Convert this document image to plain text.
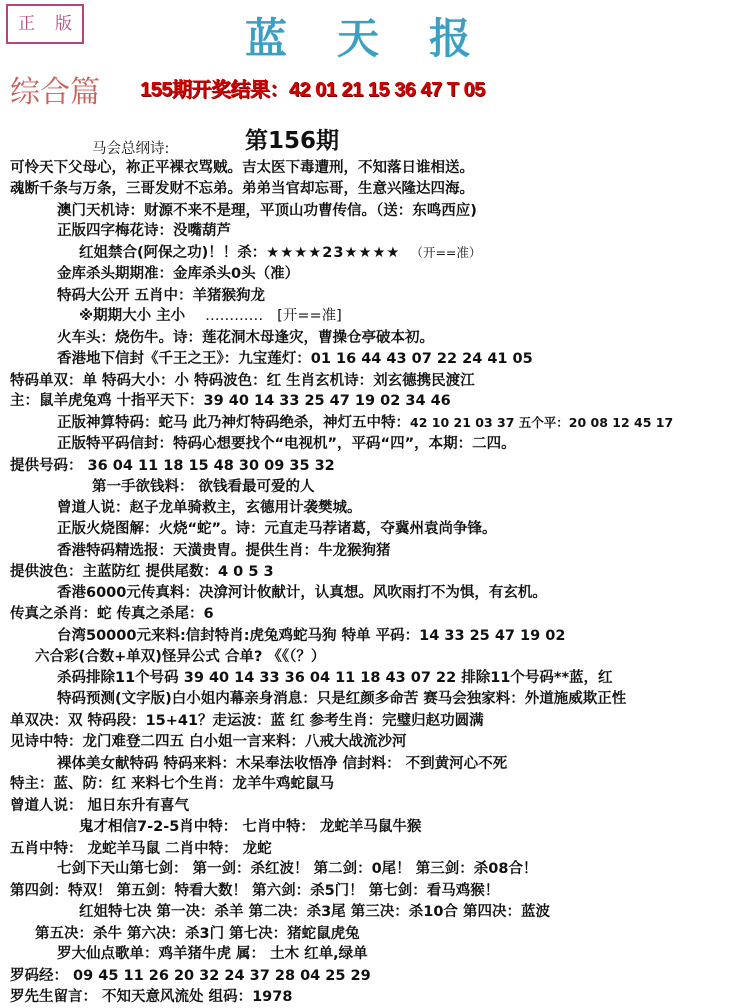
正 版	蓝天报
综合篇 155期开奖结果：42 01 21 15 36 47 T 05
马会总纲诗:	第156期
可怜天下父母心，祢正平裸衣骂贼。吉太医下毒遭刑，不知落日谁相送。
魂断千条与万条，三哥发财不忘弟。弟弟当官却忘哥，生意兴隆达四海。
澳门天机诗：财源不来不是理，平顶山功曹传信。（送：东鸣西应)
正版四字梅花诗：没嘴葫芦
红姐禁合(阿保之功)！！杀：★★★★23★★★★ （开==准）
金库杀头期期准：金库杀头0头（准）
特码大公开 五肖中：羊猪猴狗龙
※期期大小 主小 ………… [开==准]
火车头：烧伤牛。诗：莲花洞木母逢灾，曹操仓亭破本初。
香港地下信封《千王之王》：九宝莲灯：01 16 44 43 07 22 24 41 05
特码单双：单 特码大小：小 特码波色：红 生肖玄机诗：刘玄德携民渡江
主：鼠羊虎兔鸡 十指平天下：39 40 14 33 25 47 19 02 34 46
正版神算特码：蛇马 此乃神灯特码绝杀，神灯五中特：42 10 21 03 37 五个平：20 08 12 45 17
正版特平码信封：特码心想要找个“电视机”，平码“四”，本期：二四。
提供号码： 36 04 11 18 15 48 30 09 35 32
第一手欲钱料： 欲钱看最可爱的人
曾道人说：赵子龙单骑救主，玄德用计袭樊城。
正版火烧图解：火烧“蛇”。诗：元直走马荐诸葛，夺冀州袁尚争锋。
香港特码精选报：天潢贵胄。提供生肖：牛龙猴狗猪
提供波色：主蓝防红 提供尾数：4 0 5 3
香港6000元传真料：决渰河计攸献计，认真想。风吹雨打不为惧，有玄机。
传真之杀肖：蛇 传真之杀尾：6
台湾50000元来料:信封特肖:虎兔鸡蛇马狗 特单 平码：14 33 25 47 19 02
六合彩(合数+单双)怪异公式 合单? 《《（？）
杀码排除11个号码 39 40 14 33 36 04 11 18 43 07 22 排除11个号码**蓝，红
特码预测(文字版)白小姐内幕亲身消息：只是红颜多命苦 赛马会独家料：外道施威欺正性
单双决：双 特码段：15+41？走运波：蓝 红 参考生肖：完璧归赵功圆满
见诗中特：龙门难登二四五 白小姐一言来料：八戒大战流沙河
裸体美女献特码 特码来料：木呆奉法收悟净 信封料： 不到黄河心不死
特主：蓝、防：红 来料七个生肖：龙羊牛鸡蛇鼠马
曾道人说： 旭日东升有喜气
鬼才相信7-2-5肖中特： 七肖中特： 龙蛇羊马鼠牛猴
五肖中特： 龙蛇羊马鼠 二肖中特： 龙蛇
七剑下天山第七剑： 第一剑：杀红波！ 第二剑：0尾！ 第三剑：杀08合！
第四剑：特双！ 第五剑：特看大数！ 第六剑：杀5门！ 第七剑：看马鸡猴！
红姐特七决 第一决：杀羊 第二决：杀3尾 第三决：杀10合 第四决：蓝波
第五决：杀牛 第六决：杀3门 第七决：猪蛇鼠虎兔
罗大仙点歌单：鸡羊猪牛虎 属： 土木 红单,绿单
罗码经： 09 45 11 26 20 32 24 37 28 04 25 29
罗先生留言： 不知天意风流处 组码：1978
